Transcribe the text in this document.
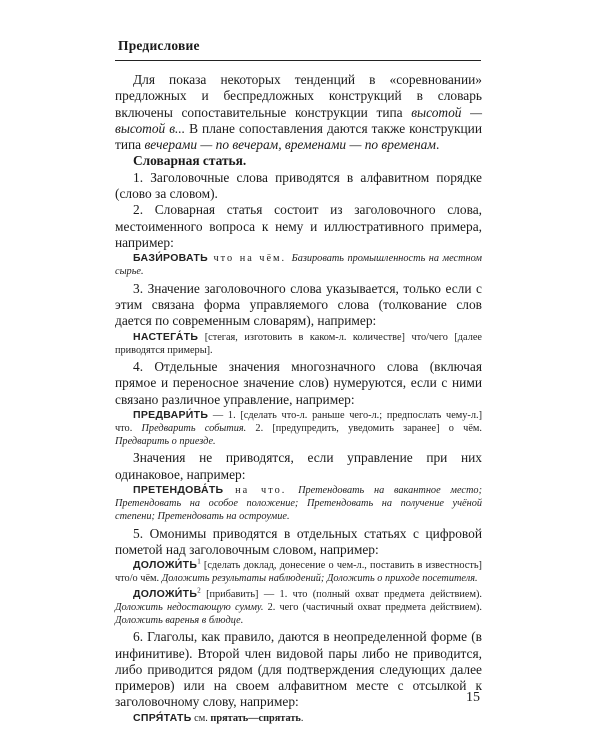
Предисловие

Для показа некоторых тенденций в «соревновании» предложных и беспредложных конструкций в словарь включены сопоставительные конструкции типа высотой — высотой в... В плане сопоставления даются также конструкции типа вечерами — по вечерам, временами — по временам.

Словарная статья.

1. Заголовочные слова приводятся в алфавитном порядке (слово за словом).

2. Словарная статья состоит из заголовочного слова, местоименного вопроса к нему и иллюстративного примера, например:

БАЗИ́РОВАТЬ что на чём. Базировать промышленность на местном сырье.

3. Значение заголовочного слова указывается, только если с этим связана форма управляемого слова (толкование слов дается по современным словарям), например:

НАСТЕГА́ТЬ [стегая, изготовить в каком-л. количестве] что/чего [далее приводятся примеры].

4. Отдельные значения многозначного слова (включая прямое и переносное значение слов) нумеруются, если с ними связано различное управление, например:

ПРЕДВАРИ́ТЬ — 1. [сделать что-л. раньше чего-л.; предпослать чему-л.] что. Предварить события. 2. [предупредить, уведомить заранее] о чём. Предварить о приезде.

Значения не приводятся, если управление при них одинаковое, например:

ПРЕТЕНДОВА́ТЬ на что. Претендовать на вакантное место; Претендовать на особое положение; Претендовать на получение учёной степени; Претендовать на остроумие.

5. Омонимы приводятся в отдельных статьях с цифровой пометой над заголовочным словом, например:

$ДОЛОЖИ́ТЬ^1$ [сделать доклад, донесение о чем-л., поставить в известность] что/о чём. Доложить результаты наблюдений; Доложить о приходе посетителя.

$ДОЛОЖИ́ТЬ^2$ [прибавить] — 1. что (полный охват предмета действием). Доложить недостающую сумму. 2. чего (частичный охват предмета действием). Доложить варенья в блюдце.

6. Глаголы, как правило, даются в неопределенной форме (в инфинитиве). Второй член видовой пары либо не приводится, либо приводится рядом (для подтверждения следующих далее примеров) или на своем алфавитном месте с отсылкой к заголовочному слову, например:

СПРЯ́ТАТЬ см. прятать—спрятать.

15
